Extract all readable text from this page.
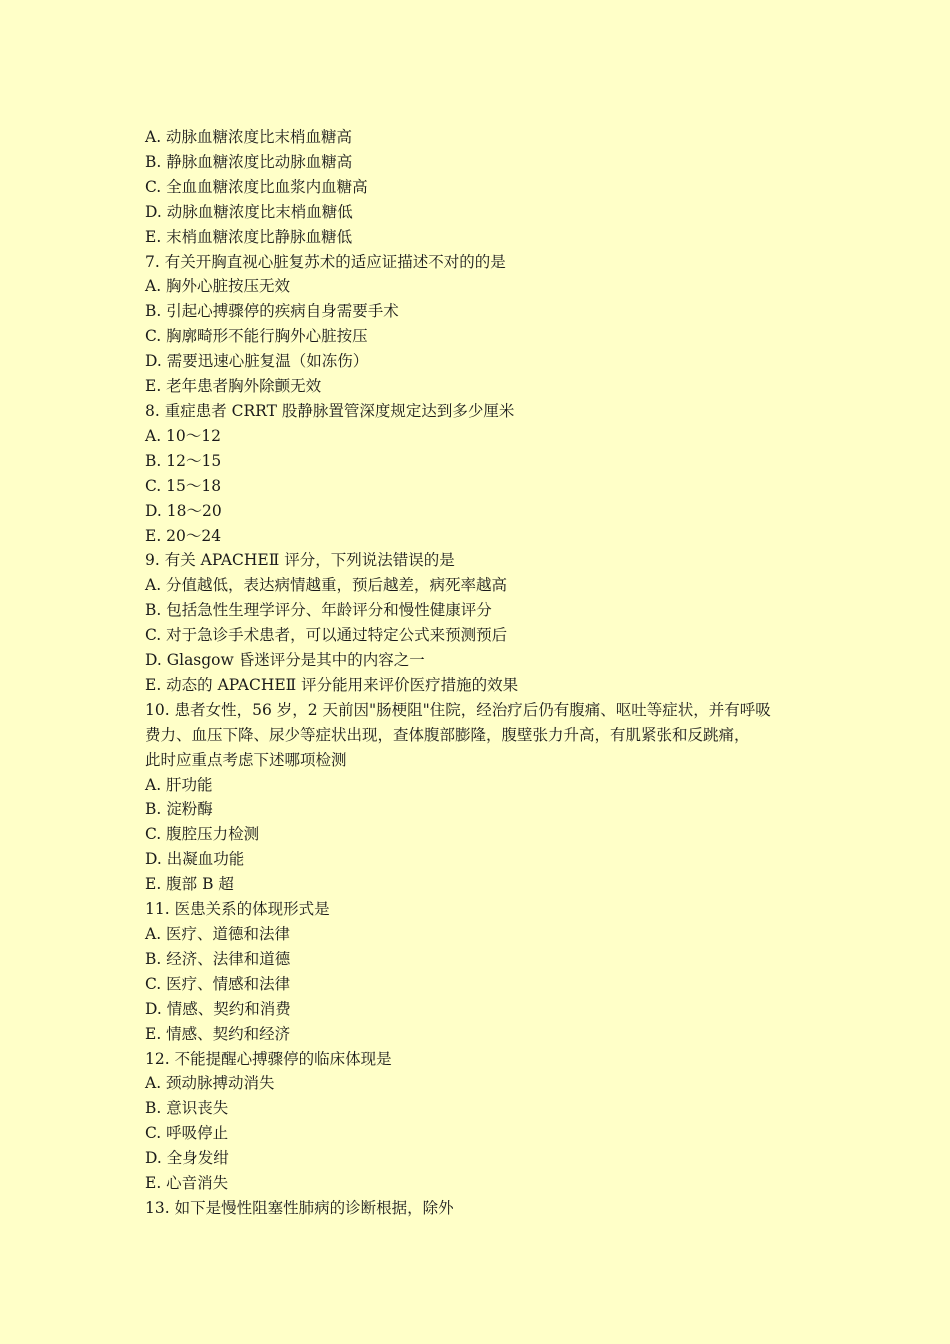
A. 动脉血糖浓度比末梢血糖高
B. 静脉血糖浓度比动脉血糖高
C. 全血血糖浓度比血浆内血糖高
D. 动脉血糖浓度比末梢血糖低
E. 末梢血糖浓度比静脉血糖低
7. 有关开胸直视心脏复苏术的适应证描述不对的的是
A. 胸外心脏按压无效
B. 引起心搏骤停的疾病自身需要手术
C. 胸廓畸形不能行胸外心脏按压
D. 需要迅速心脏复温（如冻伤）
E. 老年患者胸外除颤无效
8. 重症患者 CRRT 股静脉置管深度规定达到多少厘米
A. 10～12
B. 12～15
C. 15～18
D. 18～20
E. 20～24
9. 有关 APACHEⅡ 评分，下列说法错误的是
A. 分值越低，表达病情越重，预后越差，病死率越高
B. 包括急性生理学评分、年龄评分和慢性健康评分
C. 对于急诊手术患者，可以通过特定公式来预测预后
D. Glasgow 昏迷评分是其中的内容之一
E. 动态的 APACHEⅡ 评分能用来评价医疗措施的效果
10. 患者女性，56 岁，2 天前因"肠梗阻"住院，经治疗后仍有腹痛、呕吐等症状，并有呼吸
费力、血压下降、尿少等症状出现，查体腹部膨隆，腹壁张力升高，有肌紧张和反跳痛，
此时应重点考虑下述哪项检测
A. 肝功能
B. 淀粉酶
C. 腹腔压力检测
D. 出凝血功能
E. 腹部 B 超
11. 医患关系的体现形式是
A. 医疗、道德和法律
B. 经济、法律和道德
C. 医疗、情感和法律
D. 情感、契约和消费
E. 情感、契约和经济
12. 不能提醒心搏骤停的临床体现是
A. 颈动脉搏动消失
B. 意识丧失
C. 呼吸停止
D. 全身发绀
E. 心音消失
13. 如下是慢性阻塞性肺病的诊断根据，除外
